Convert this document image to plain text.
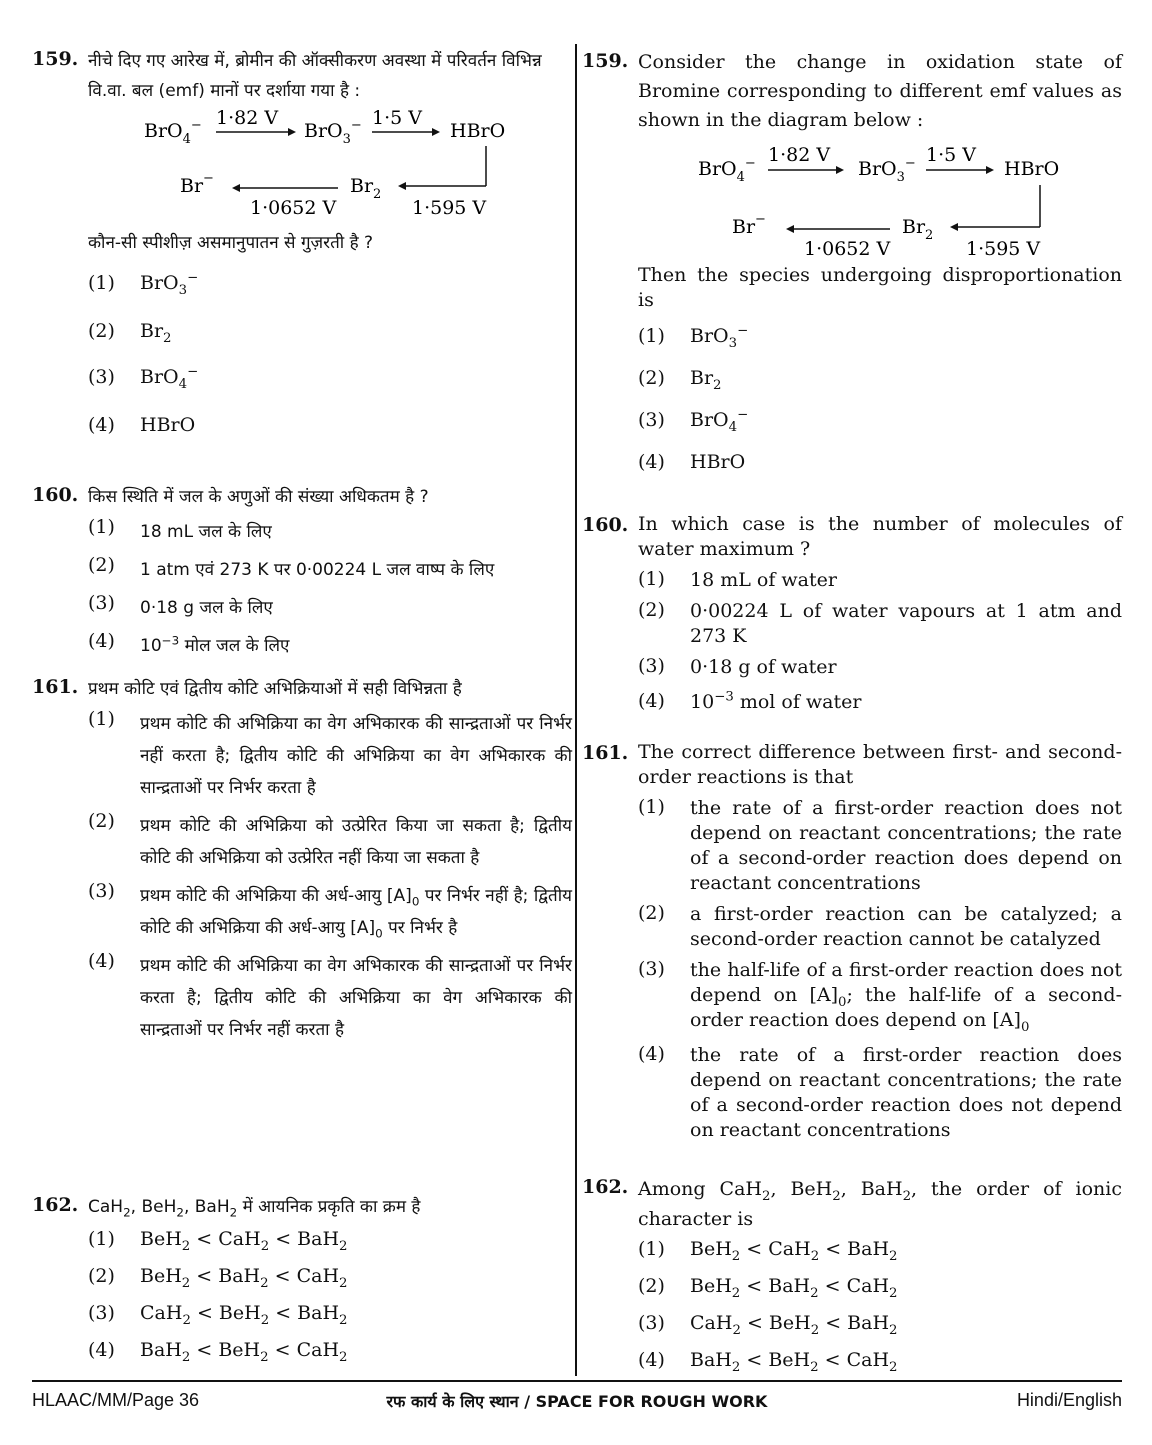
159. नीचे दिए गए आरेख में, ब्रोमीन की ऑक्सीकरण अवस्था में परिवर्तन विभिन्न वि.वा. बल (emf) मानों पर दर्शाया गया है :
BrO$_4$− 1·82 V
BrO$_3$− 1·5 V
HBrO
$Br_2$
1·595 V
1·0652 V
Br−
कौन-सी स्पीशीज़ असमानुपातन से गुज़रती है ?
(1)	BrO$_3$−
(2)	$Br_2$
(3)	BrO$_4$−
(4)	HBrO
160. किस स्थिति में जल के अणुओं की संख्या अधिकतम है ?
(1)	18 mL जल के लिए
(2)	1 atm एवं 273 K पर 0·00224 L जल वाष्प के लिए
(3)	0·18 g जल के लिए
(4)	$10^{-3}$ मोल जल के लिए
161. प्रथम कोटि एवं द्वितीय कोटि अभिक्रियाओं में सही विभिन्नता है
(1)	प्रथम कोटि की अभिक्रिया का वेग अभिकारक की सान्द्रताओं पर निर्भर नहीं करता है; द्वितीय कोटि की अभिक्रिया का वेग अभिकारक की सान्द्रताओं पर निर्भर करता है
(2)	प्रथम कोटि की अभिक्रिया को उत्प्रेरित किया जा सकता है; द्वितीय कोटि की अभिक्रिया को उत्प्रेरित नहीं किया जा सकता है
(3)	प्रथम कोटि की अभिक्रिया की अर्ध-आयु $[A]_0$ पर निर्भर नहीं है; द्वितीय कोटि की अभिक्रिया की अर्ध-आयु $[A]_0$ पर निर्भर है
(4)	प्रथम कोटि की अभिक्रिया का वेग अभिकारक की सान्द्रताओं पर निर्भर करता है; द्वितीय कोटि की अभिक्रिया का वेग अभिकारक की सान्द्रताओं पर निर्भर नहीं करता है
162. CaH$_2$, BeH$_2$, BaH$_2$ में आयनिक प्रकृति का क्रम है
(1)	BeH$_2$ < CaH$_2$ < BaH$_2$
(2)	BeH$_2$ < BaH$_2$ < CaH$_2$
(3)	CaH$_2$ < BeH$_2$ < BaH$_2$
(4)	BaH$_2$ < BeH$_2$ < CaH$_2$
159. Consider the change in oxidation state of Bromine corresponding to different emf values as shown in the diagram below :
BrO$_4$− 1·82 V
BrO$_3$− 1·5 V
HBrO
$Br_2$
1·595 V
1·0652 V
Br−
Then the species undergoing disproportionation is
(1)	BrO$_3$−
(2)	$Br_2$
(3)	BrO$_4$−
(4)	HBrO
160. In which case is the number of molecules of water maximum ?
(1)	18 mL of water
(2)	0·00224 L of water vapours at 1 atm and 273 K
(3)	0·18 g of water
(4)	$10^{-3}$ mol of water
161. The correct difference between first- and second-order reactions is that
(1)	the rate of a first-order reaction does not depend on reactant concentrations; the rate of a second-order reaction does depend on reactant concentrations
(2)	a first-order reaction can be catalyzed; a second-order reaction cannot be catalyzed
(3)	the half-life of a first-order reaction does not depend on $[A]_0$; the half-life of a second-order reaction does depend on $[A]_0$
(4)	the rate of a first-order reaction does depend on reactant concentrations; the rate of a second-order reaction does not depend on reactant concentrations
162. Among CaH$_2$, BeH$_2$, BaH$_2$, the order of ionic character is
(1)	BeH$_2$ < CaH$_2$ < BaH$_2$
(2)	BeH$_2$ < BaH$_2$ < CaH$_2$
(3)	CaH$_2$ < BeH$_2$ < BaH$_2$
(4)	BaH$_2$ < BeH$_2$ < CaH$_2$
HLAAC/MM/Page 36	रफ कार्य के लिए स्थान / SPACE FOR ROUGH WORK	Hindi/English
